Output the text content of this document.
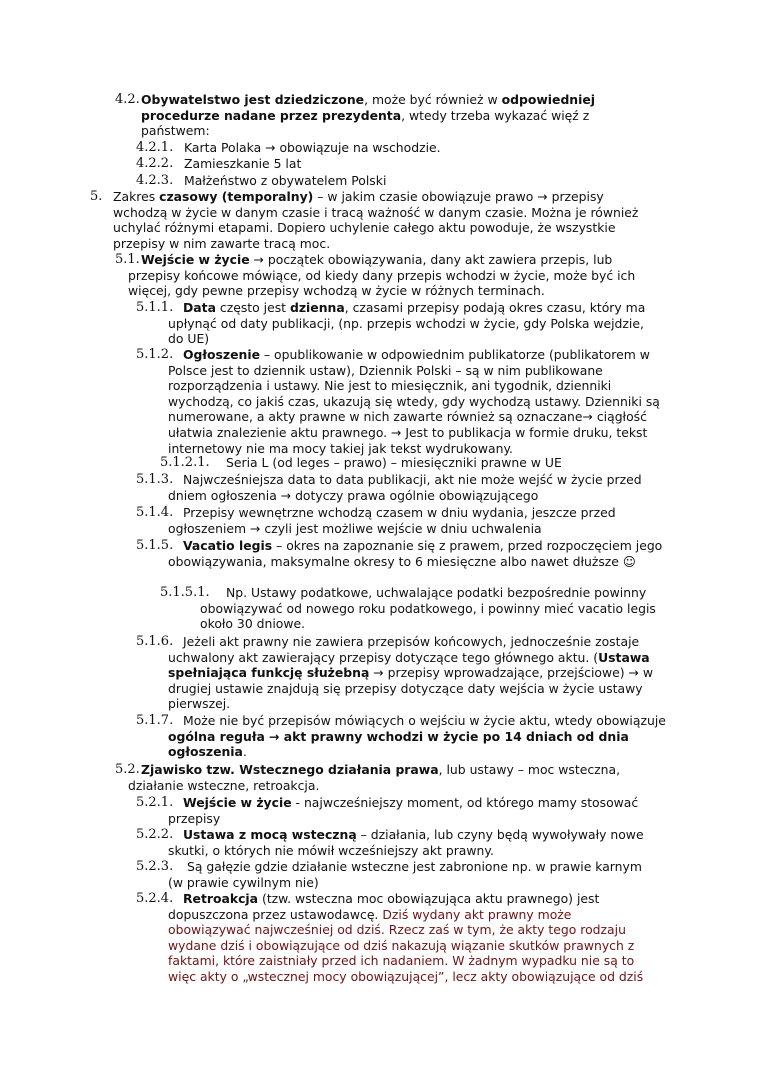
4.2. Obywatelstwo jest dziedziczone, może być również w odpowiedniej procedurze nadane przez prezydenta, wtedy trzeba wykazać więź z państwem:

4.2.1. Karta Polaka → obowiązuje na wschodzie.

4.2.2. Zamieszkanie 5 lat

4.2.3. Małżeństwo z obywatelem Polski

5. Zakres czasowy (temporalny) – w jakim czasie obowiązuje prawo → przepisy wchodzą w życie w danym czasie i tracą ważność w danym czasie. Można je również uchylać różnymi etapami. Dopiero uchylenie całego aktu powoduje, że wszystkie przepisy w nim zawarte tracą moc.

5.1. Wejście w życie → początek obowiązywania, dany akt zawiera przepis, lub przepisy końcowe mówiące, od kiedy dany przepis wchodzi w życie, może być ich więcej, gdy pewne przepisy wchodzą w życie w różnych terminach.

5.1.1. Data często jest dzienna, czasami przepisy podają okres czasu, który ma upłynąć od daty publikacji, (np. przepis wchodzi w życie, gdy Polska wejdzie, do UE)

5.1.2. Ogłoszenie – opublikowanie w odpowiednim publikatorze (publikatorem w Polsce jest to dziennik ustaw), Dziennik Polski – są w nim publikowane rozporządzenia i ustawy. Nie jest to miesięcznik, ani tygodnik, dzienniki wychodzą, co jakiś czas, ukazują się wtedy, gdy wychodzą ustawy. Dzienniki są numerowane, a akty prawne w nich zawarte również są oznaczane→ ciągłość ułatwia znalezienie aktu prawnego. → Jest to publikacja w formie druku, tekst internetowy nie ma mocy takiej jak tekst wydrukowany.

5.1.2.1.	Seria L (od leges – prawo) – miesięczniki prawne w UE

5.1.3. Najwcześniejsza data to data publikacji, akt nie może wejść w życie przed dniem ogłoszenia → dotyczy prawa ogólnie obowiązującego

5.1.4. Przepisy wewnętrzne wchodzą czasem w dniu wydania, jeszcze przed ogłoszeniem → czyli jest możliwe wejście w dniu uchwalenia

5.1.5. Vacatio legis – okres na zapoznanie się z prawem, przed rozpoczęciem jego obowiązywania, maksymalne okresy to 6 miesięczne albo nawet dłuższe ☺

5.1.5.1.	Np. Ustawy podatkowe, uchwalające podatki bezpośrednie powinny obowiązywać od nowego roku podatkowego, i powinny mieć vacatio legis około 30 dniowe.

5.1.6. Jeżeli akt prawny nie zawiera przepisów końcowych, jednocześnie zostaje uchwalony akt zawierający przepisy dotyczące tego głównego aktu. (Ustawa spełniająca funkcję służebną → przepisy wprowadzające, przejściowe) → w drugiej ustawie znajdują się przepisy dotyczące daty wejścia w życie ustawy pierwszej.

5.1.7. Może nie być przepisów mówiących o wejściu w życie aktu, wtedy obowiązuje ogólna reguła → akt prawny wchodzi w życie po 14 dniach od dnia ogłoszenia.

5.2. Zjawisko tzw. Wstecznego działania prawa, lub ustawy – moc wsteczna, działanie wsteczne, retroakcja.

5.2.1. Wejście w życie - najwcześniejszy moment, od którego mamy stosować przepisy

5.2.2. Ustawa z mocą wsteczną – działania, lub czyny będą wywoływały nowe skutki, o których nie mówił wcześniejszy akt prawny.

5.2.3.	Są gałęzie gdzie działanie wsteczne jest zabronione np. w prawie karnym (w prawie cywilnym nie)

5.2.4. Retroakcja (tzw. wsteczna moc obowiązująca aktu prawnego) jest dopuszczona przez ustawodawcę. Dziś wydany akt prawny może obowiązywać najwcześniej od dziś. Rzecz zaś w tym, że akty tego rodzaju wydane dziś i obowiązujące od dziś nakazują wiązanie skutków prawnych z faktami, które zaistniały przed ich nadaniem. W żadnym wypadku nie są to więc akty o „wstecznej mocy obowiązującej”, lecz akty obowiązujące od dziś
